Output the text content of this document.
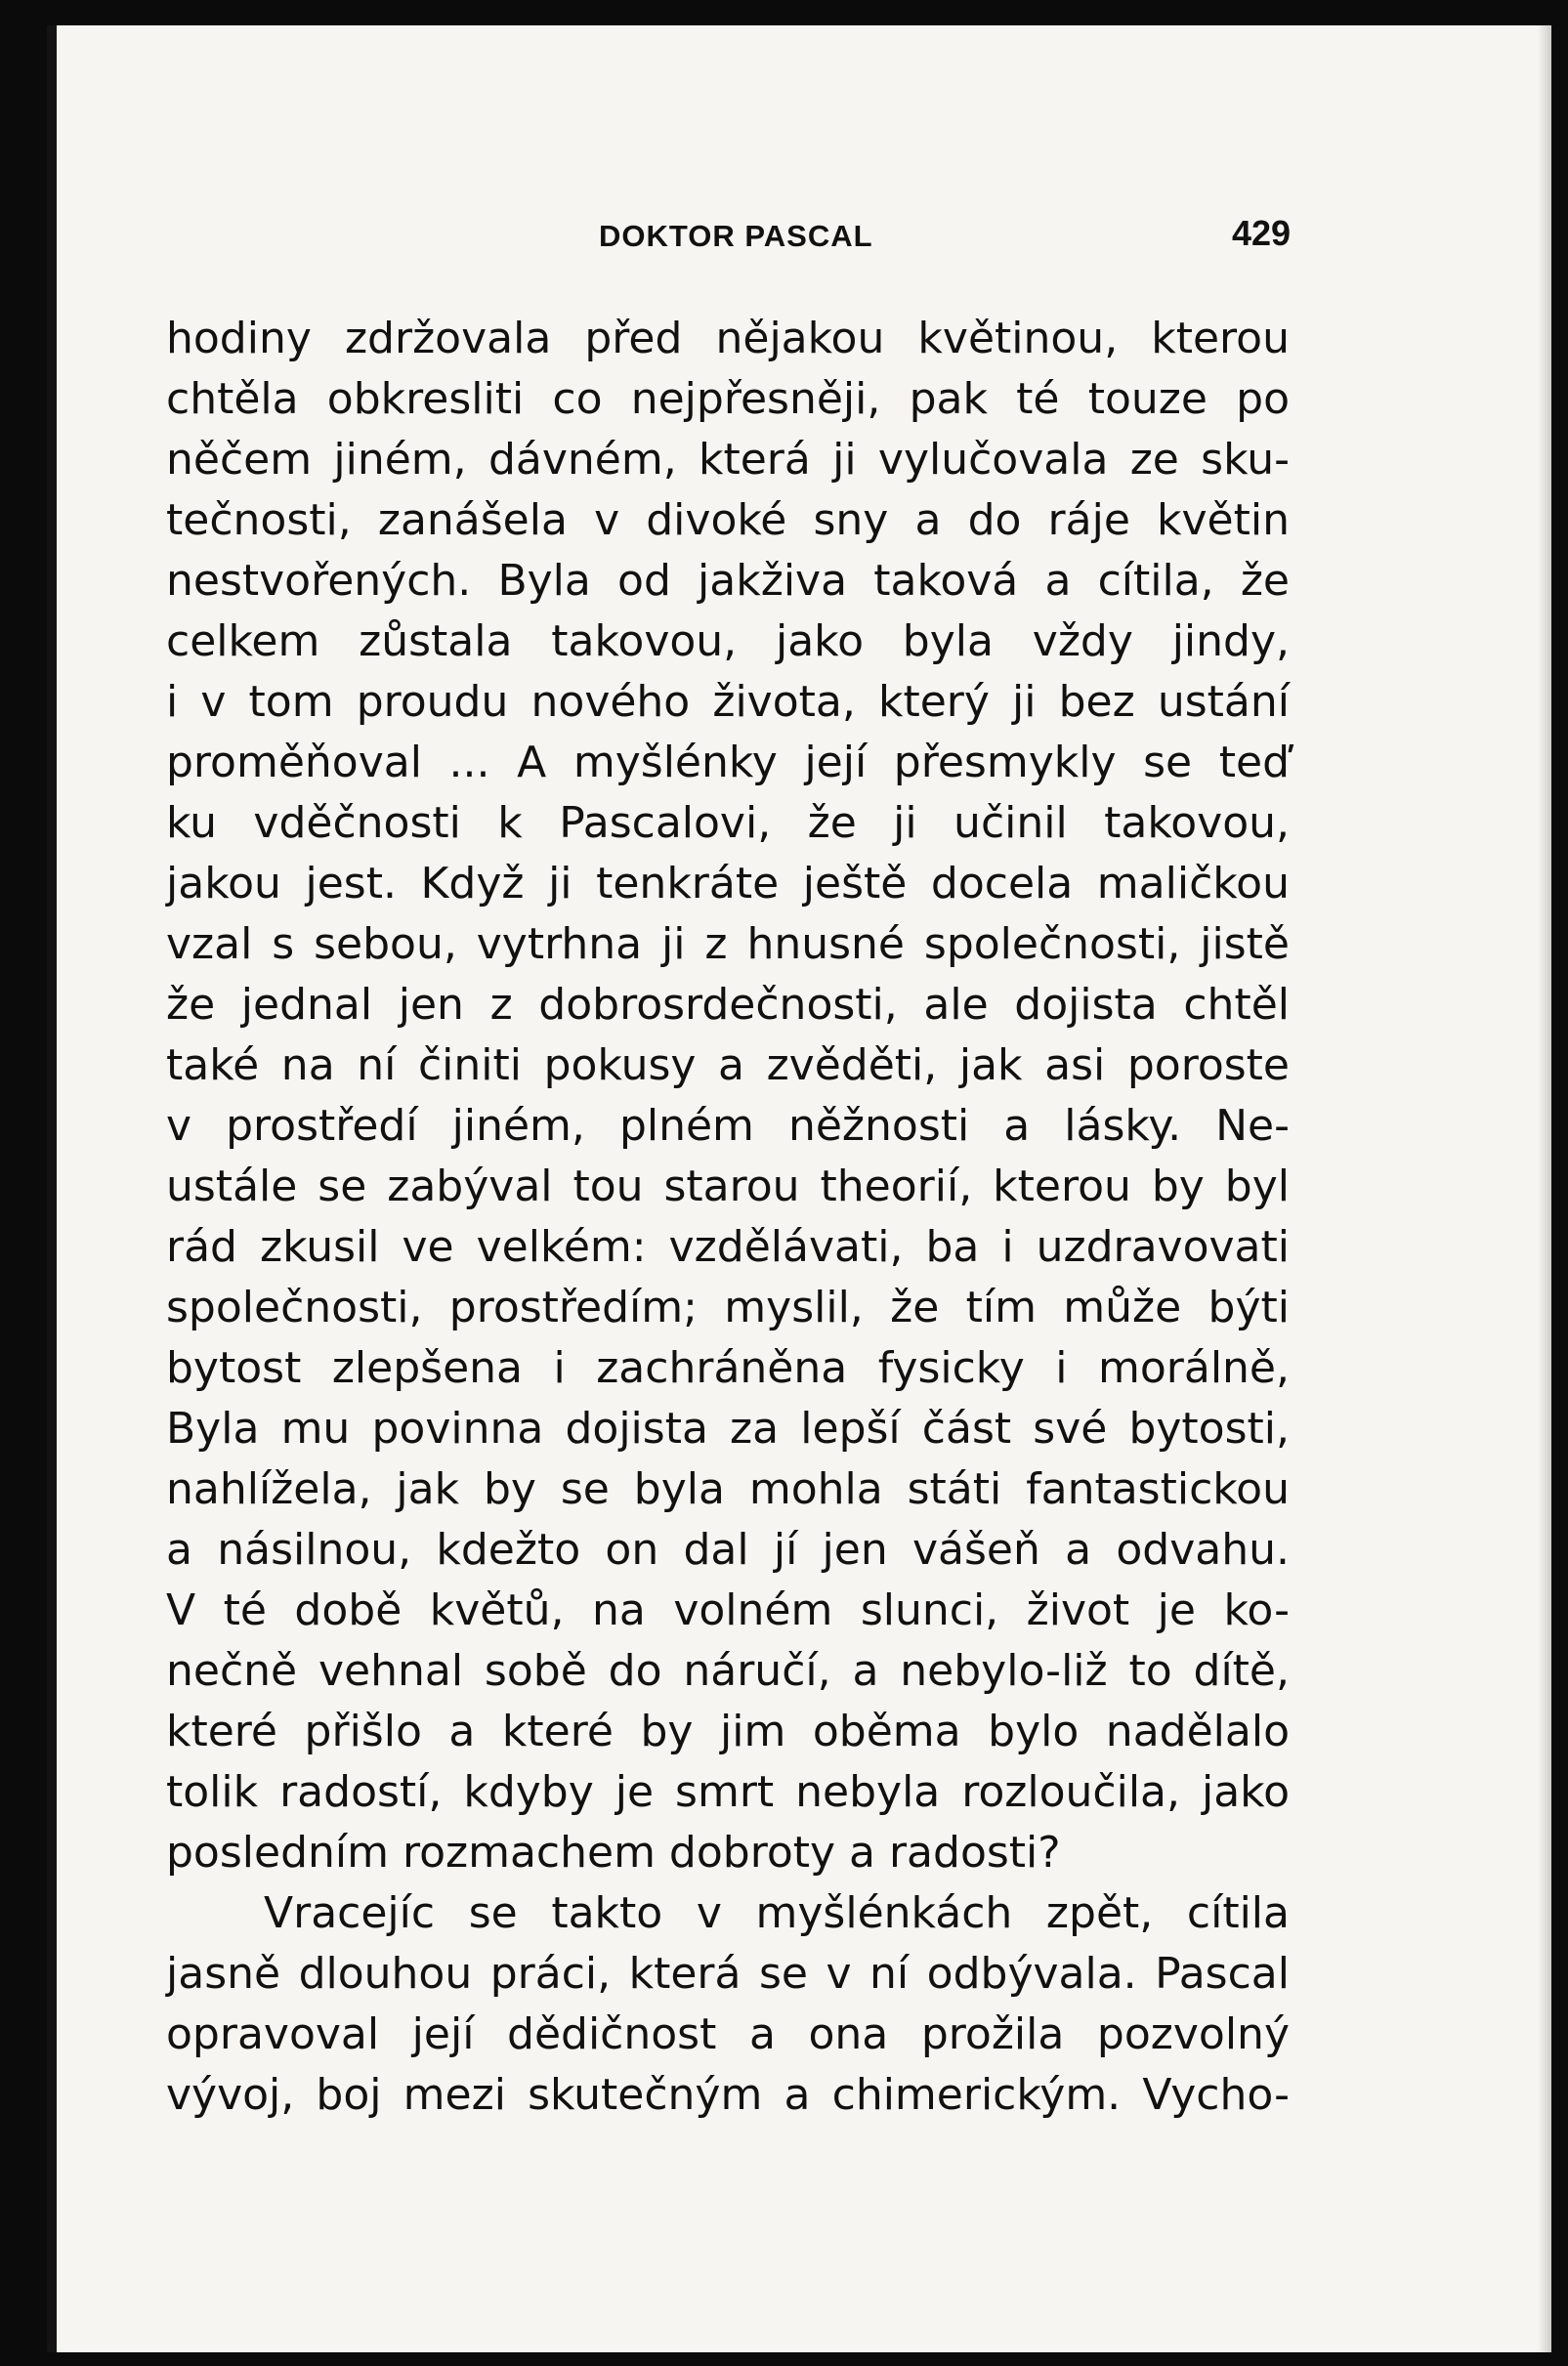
DOKTOR PASCAL	429
hodiny zdržovala před nějakou květinou, kterou
chtěla obkresliti co nejpřesněji, pak té touze po
něčem jiném, dávném, která ji vylučovala ze sku-
tečnosti, zanášela v divoké sny a do ráje květin
nestvořených. Byla od jakživa taková a cítila, že
celkem zůstala takovou, jako byla vždy jindy,
i v tom proudu nového života, který ji bez ustání
proměňoval ... A myšlénky její přesmykly se teď
ku vděčnosti k Pascalovi, že ji učinil takovou,
jakou jest. Když ji tenkráte ještě docela maličkou
vzal s sebou, vytrhna ji z hnusné společnosti, jistě
že jednal jen z dobrosrdečnosti, ale dojista chtěl
také na ní činiti pokusy a zvěděti, jak asi poroste
v prostředí jiném, plném něžnosti a lásky. Ne-
ustále se zabýval tou starou theorií, kterou by byl
rád zkusil ve velkém: vzdělávati, ba i uzdravovati
společnosti, prostředím; myslil, že tím může býti
bytost zlepšena i zachráněna fysicky i morálně,
Byla mu povinna dojista za lepší část své bytosti,
nahlížela, jak by se byla mohla státi fantastickou
a násilnou, kdežto on dal jí jen vášeň a odvahu.
V té době květů, na volném slunci, život je ko-
nečně vehnal sobě do náručí, a nebylo-liž to dítě,
které přišlo a které by jim oběma bylo nadělalo
tolik radostí, kdyby je smrt nebyla rozloučila, jako
posledním rozmachem dobroty a radosti?
Vracejíc se takto v myšlénkách zpět, cítila
jasně dlouhou práci, která se v ní odbývala. Pascal
opravoval její dědičnost a ona prožila pozvolný
vývoj, boj mezi skutečným a chimerickým. Vycho-
